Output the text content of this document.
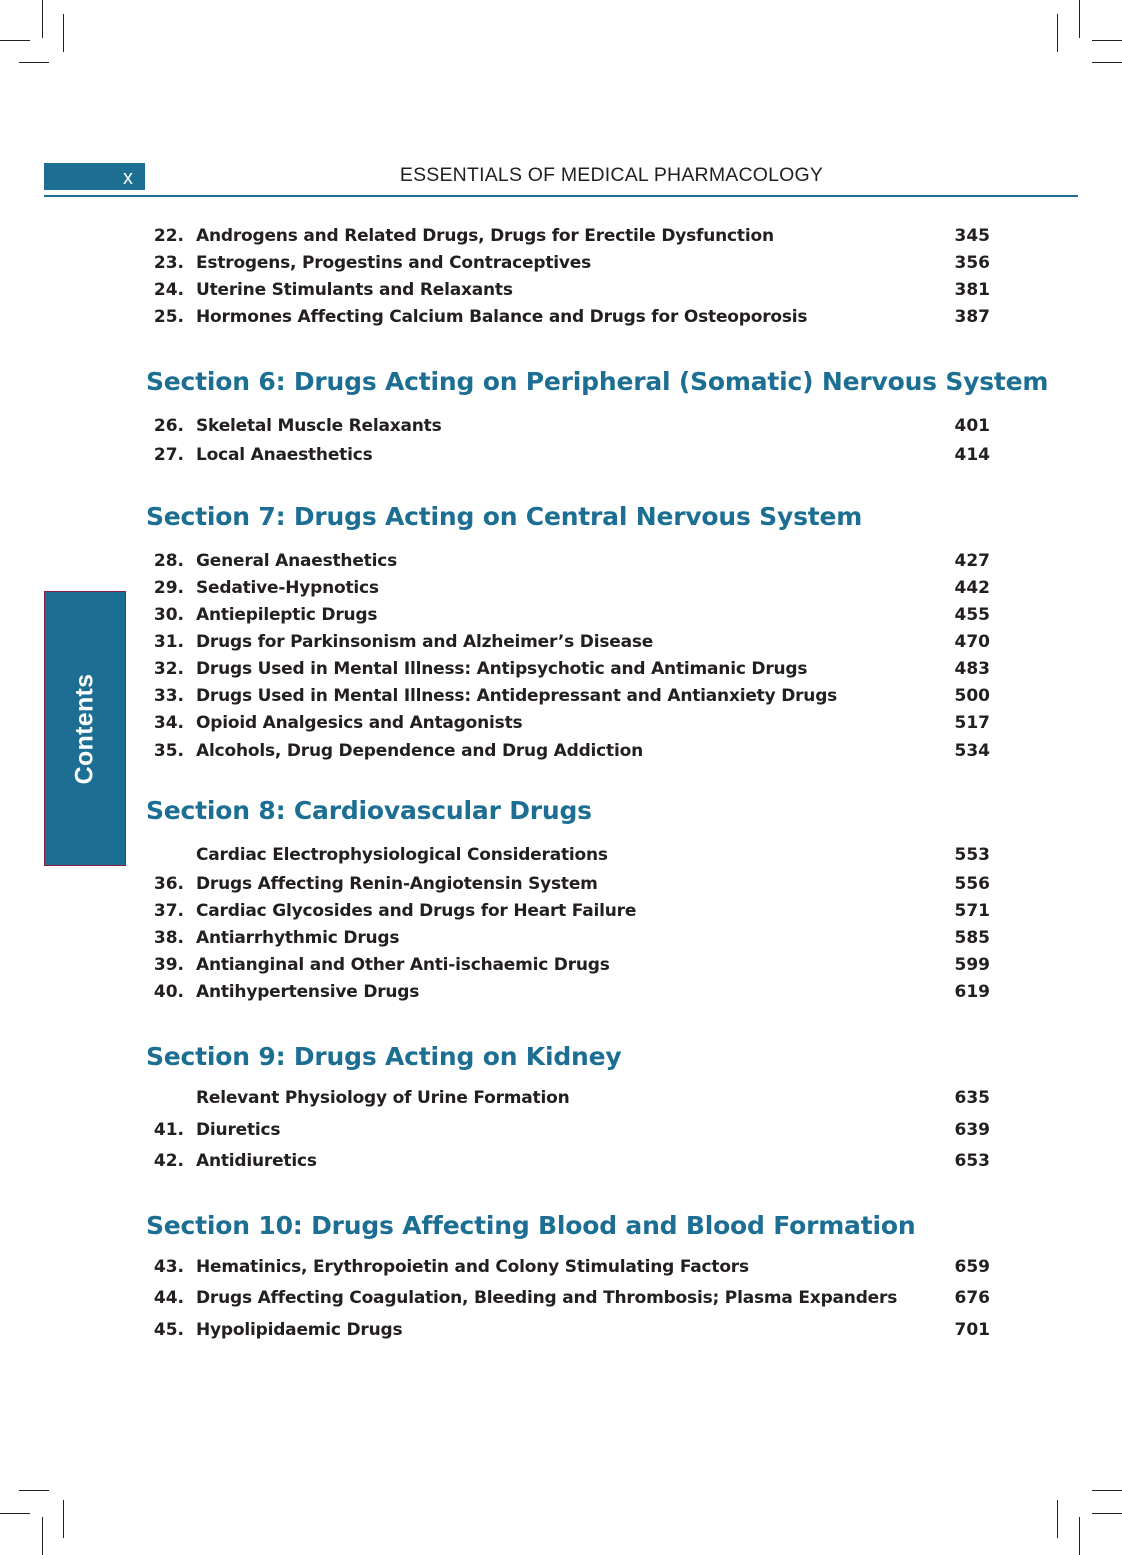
x	ESSENTIALS OF MEDICAL PHARMACOLOGY
Contents
22. Androgens and Related Drugs, Drugs for Erectile Dysfunction	345
23. Estrogens, Progestins and Contraceptives	356
24. Uterine Stimulants and Relaxants	381
25. Hormones Affecting Calcium Balance and Drugs for Osteoporosis	387
Section 6: Drugs Acting on Peripheral (Somatic) Nervous System
26. Skeletal Muscle Relaxants	401
27. Local Anaesthetics	414
Section 7: Drugs Acting on Central Nervous System
28. General Anaesthetics	427
29. Sedative-Hypnotics	442
30. Antiepileptic Drugs	455
31. Drugs for Parkinsonism and Alzheimer’s Disease	470
32. Drugs Used in Mental Illness: Antipsychotic and Antimanic Drugs	483
33. Drugs Used in Mental Illness: Antidepressant and Antianxiety Drugs	500
34. Opioid Analgesics and Antagonists	517
35. Alcohols, Drug Dependence and Drug Addiction	534
Section 8: Cardiovascular Drugs
Cardiac Electrophysiological Considerations	553
36. Drugs Affecting Renin-Angiotensin System	556
37. Cardiac Glycosides and Drugs for Heart Failure	571
38. Antiarrhythmic Drugs	585
39. Antianginal and Other Anti-ischaemic Drugs	599
40. Antihypertensive Drugs	619
Section 9: Drugs Acting on Kidney
Relevant Physiology of Urine Formation	635
41. Diuretics	639
42. Antidiuretics	653
Section 10: Drugs Affecting Blood and Blood Formation
43. Hematinics, Erythropoietin and Colony Stimulating Factors	659
44. Drugs Affecting Coagulation, Bleeding and Thrombosis; Plasma Expanders	676
45. Hypolipidaemic Drugs	701
